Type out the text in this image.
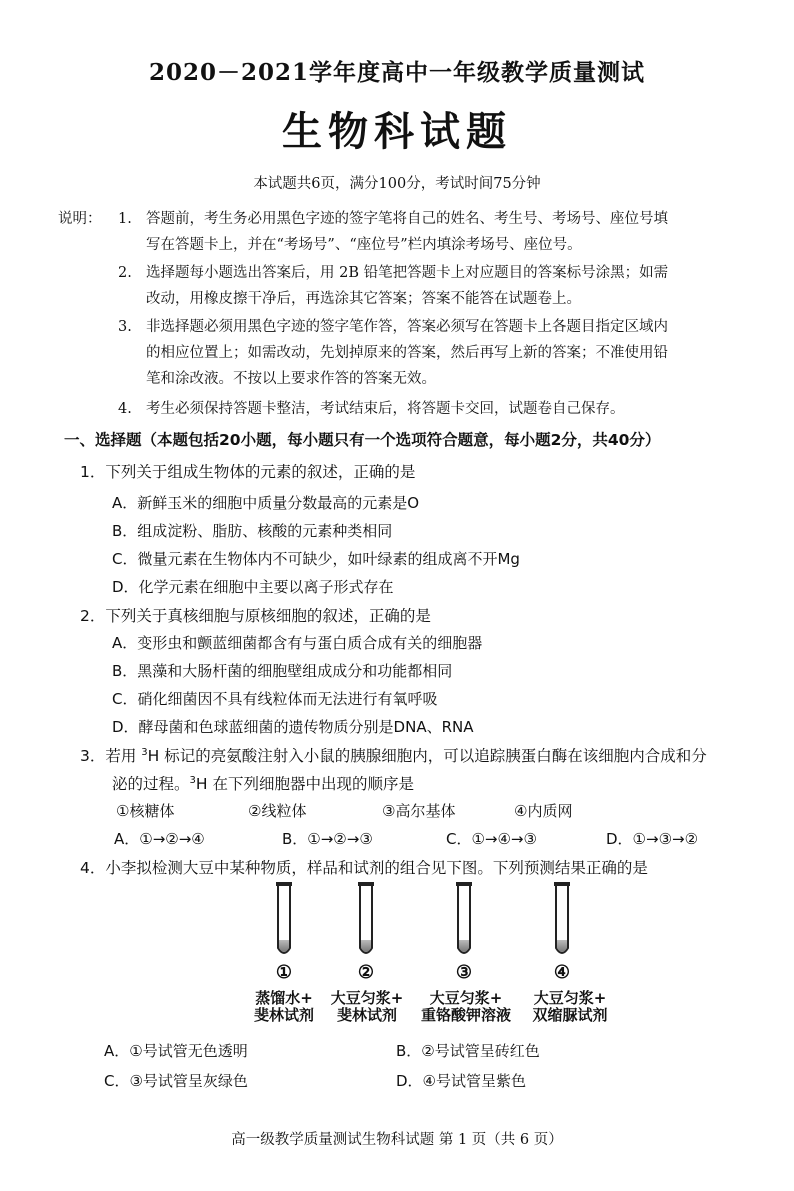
2020－2021学年度高中一年级教学质量测试
生物科试题
本试题共6页，满分100分，考试时间75分钟
说明：	1. 答题前，考生务必用黑色字迹的签字笔将自己的姓名、考生号、考场号、座位号填
写在答题卡上，并在“考场号”、“座位号”栏内填涂考场号、座位号。
2. 选择题每小题选出答案后，用 2B 铅笔把答题卡上对应题目的答案标号涂黑；如需
改动，用橡皮擦干净后，再选涂其它答案；答案不能答在试题卷上。
3. 非选择题必须用黑色字迹的签字笔作答，答案必须写在答题卡上各题目指定区域内
的相应位置上；如需改动，先划掉原来的答案，然后再写上新的答案；不准使用铅
笔和涂改液。不按以上要求作答的答案无效。
4. 考生必须保持答题卡整洁，考试结束后，将答题卡交回，试题卷自己保存。
一、选择题（本题包括20小题，每小题只有一个选项符合题意，每小题2分，共40分）
1．下列关于组成生物体的元素的叙述，正确的是
A．新鲜玉米的细胞中质量分数最高的元素是O
B．组成淀粉、脂肪、核酸的元素种类相同
C．微量元素在生物体内不可缺少，如叶绿素的组成离不开Mg
D．化学元素在细胞中主要以离子形式存在
2．下列关于真核细胞与原核细胞的叙述，正确的是
A．变形虫和颤蓝细菌都含有与蛋白质合成有关的细胞器
B．黑藻和大肠杆菌的细胞壁组成成分和功能都相同
C．硝化细菌因不具有线粒体而无法进行有氧呼吸
D．酵母菌和色球蓝细菌的遗传物质分别是DNA、RNA
3．若用 $^3$H 标记的亮氨酸注射入小鼠的胰腺细胞内，可以追踪胰蛋白酶在该细胞内合成和分
泌的过程。$^3$H 在下列细胞器中出现的顺序是
①核糖体	②线粒体	③高尔基体	④内质网
A．①→②→④	B．①→②→③	C．①→④→③	D．①→③→②
4．小李拟检测大豆中某种物质，样品和试剂的组合见下图。下列预测结果正确的是
①	②	③	④
蒸馏水+
斐林试剂
大豆匀浆+
斐林试剂
大豆匀浆+
重铬酸钾溶液
大豆匀浆+
双缩脲试剂
A．①号试管无色透明	B．②号试管呈砖红色
C．③号试管呈灰绿色	D．④号试管呈紫色
高一级教学质量测试生物科试题 第 1 页（共 6 页）
